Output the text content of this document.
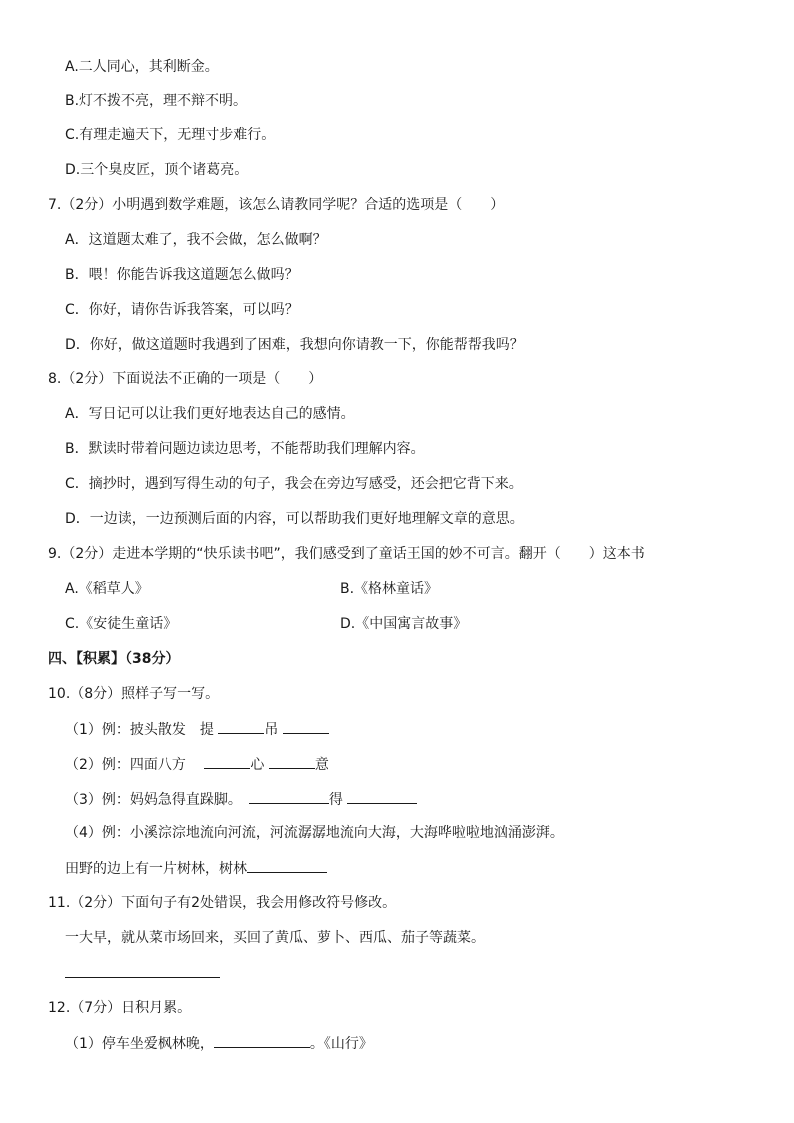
A.二人同心，其利断金。
B.灯不拨不亮，理不辩不明。
C.有理走遍天下，无理寸步难行。
D.三个臭皮匠，顶个诸葛亮。
7.（2分）小明遇到数学难题，该怎么请教同学呢？合适的选项是（　　）
A．这道题太难了，我不会做，怎么做啊？
B．喂！你能告诉我这道题怎么做吗？
C．你好，请你告诉我答案，可以吗？
D．你好，做这道题时我遇到了困难，我想向你请教一下，你能帮帮我吗？
8.（2分）下面说法不正确的一项是（　　）
A．写日记可以让我们更好地表达自己的感情。
B．默读时带着问题边读边思考，不能帮助我们理解内容。
C．摘抄时，遇到写得生动的句子，我会在旁边写感受，还会把它背下来。
D．一边读，一边预测后面的内容，可以帮助我们更好地理解文章的意思。
9.（2分）走进本学期的“快乐读书吧”，我们感受到了童话王国的妙不可言。翻开（　　）这本书
A.《稻草人》	B.《格林童话》
C.《安徒生童话》	D.《中国寓言故事》
四、【积累】（38分）
10.（8分）照样子写一写。
（1）例：披头散发　提	吊
（2）例：四面八方　	心	意
（3）例：妈妈急得直跺脚。　	得
（4）例：小溪淙淙地流向河流，河流潺潺地流向大海，大海哗啦啦地汹涌澎湃。
田野的边上有一片树林，树林
11.（2分）下面句子有2处错误，我会用修改符号修改。
一大早，就从菜市场回来，买回了黄瓜、萝卜、西瓜、茄子等蔬菜。
12.（7分）日积月累。
（1）停车坐爱枫林晚，	。《山行》
